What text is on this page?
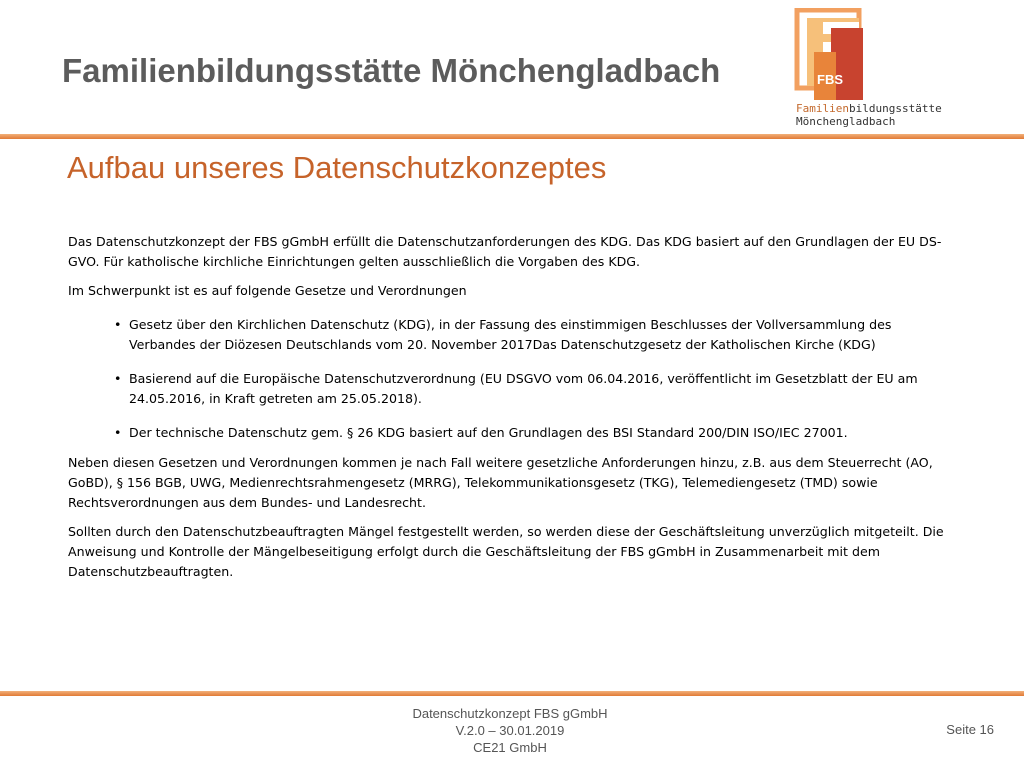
Familienbildungsstätte Mönchengladbach	FBS
Familienbildungsstätte
Mönchengladbach
Aufbau unseres Datenschutzkonzeptes

Das Datenschutzkonzept der FBS gGmbH erfüllt die Datenschutzanforderungen des KDG. Das KDG basiert auf den Grundlagen der EU DS-GVO. Für katholische kirchliche Einrichtungen gelten ausschließlich die Vorgaben des KDG.

Im Schwerpunkt ist es auf folgende Gesetze und Verordnungen

• Gesetz über den Kirchlichen Datenschutz (KDG), in der Fassung des einstimmigen Beschlusses der Vollversammlung des Verbandes der Diözesen Deutschlands vom 20. November 2017Das Datenschutzgesetz der Katholischen Kirche (KDG)
• Basierend auf die Europäische Datenschutzverordnung (EU DSGVO vom 06.04.2016, veröffentlicht im Gesetzblatt der EU am 24.05.2016, in Kraft getreten am 25.05.2018).
• Der technische Datenschutz gem. § 26 KDG basiert auf den Grundlagen des BSI Standard 200/DIN ISO/IEC 27001.

Neben diesen Gesetzen und Verordnungen kommen je nach Fall weitere gesetzliche Anforderungen hinzu, z.B. aus dem Steuerrecht (AO, GoBD), § 156 BGB, UWG, Medienrechtsrahmengesetz (MRRG), Telekommunikationsgesetz (TKG), Telemediengesetz (TMD) sowie Rechtsverordnungen aus dem Bundes- und Landesrecht.

Sollten durch den Datenschutzbeauftragten Mängel festgestellt werden, so werden diese der Geschäftsleitung unverzüglich mitgeteilt. Die Anweisung und Kontrolle der Mängelbeseitigung erfolgt durch die Geschäftsleitung der FBS gGmbH in Zusammenarbeit mit dem Datenschutzbeauftragten.

Datenschutzkonzept FBS gGmbH
V.2.0 – 30.01.2019
CE21 GmbH
Seite 16
